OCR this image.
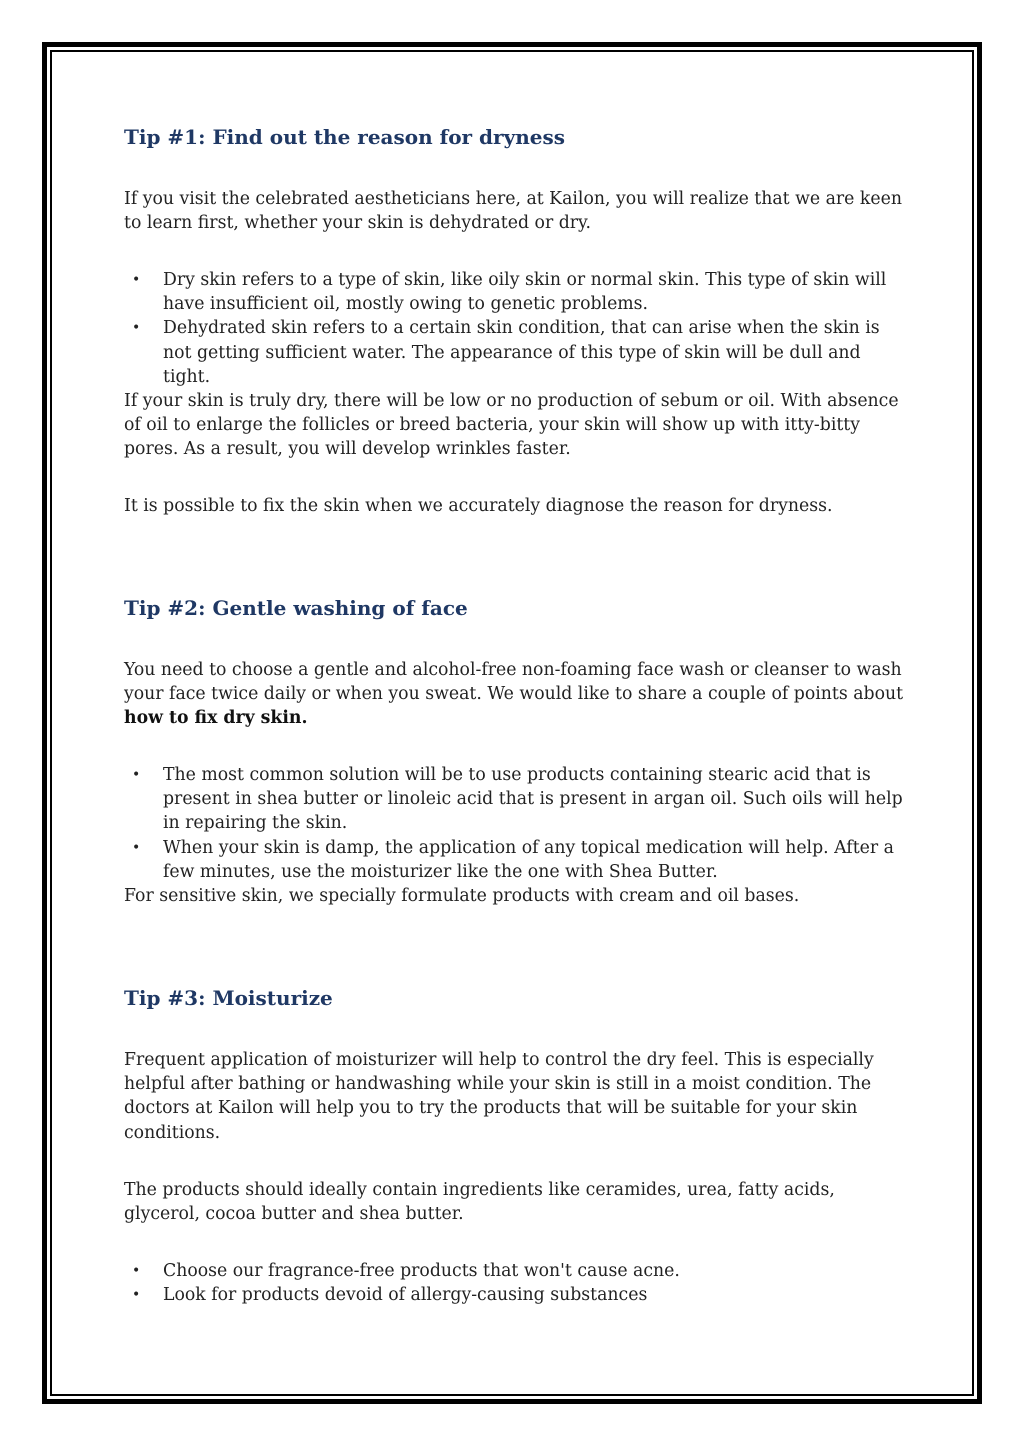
Tip #1: Find out the reason for dryness

If you visit the celebrated aestheticians here, at Kailon, you will realize that we are keen to learn first, whether your skin is dehydrated or dry.

• Dry skin refers to a type of skin, like oily skin or normal skin. This type of skin will have insufficient oil, mostly owing to genetic problems.
• Dehydrated skin refers to a certain skin condition, that can arise when the skin is not getting sufficient water. The appearance of this type of skin will be dull and tight.

If your skin is truly dry, there will be low or no production of sebum or oil. With absence of oil to enlarge the follicles or breed bacteria, your skin will show up with itty-bitty pores. As a result, you will develop wrinkles faster.

It is possible to fix the skin when we accurately diagnose the reason for dryness.

Tip #2: Gentle washing of face

You need to choose a gentle and alcohol-free non-foaming face wash or cleanser to wash your face twice daily or when you sweat. We would like to share a couple of points about how to fix dry skin.

• The most common solution will be to use products containing stearic acid that is present in shea butter or linoleic acid that is present in argan oil. Such oils will help in repairing the skin.
• When your skin is damp, the application of any topical medication will help. After a few minutes, use the moisturizer like the one with Shea Butter.

For sensitive skin, we specially formulate products with cream and oil bases.

Tip #3: Moisturize

Frequent application of moisturizer will help to control the dry feel. This is especially helpful after bathing or handwashing while your skin is still in a moist condition. The doctors at Kailon will help you to try the products that will be suitable for your skin conditions.

The products should ideally contain ingredients like ceramides, urea, fatty acids, glycerol, cocoa butter and shea butter.

• Choose our fragrance-free products that won't cause acne.
• Look for products devoid of allergy-causing substances
